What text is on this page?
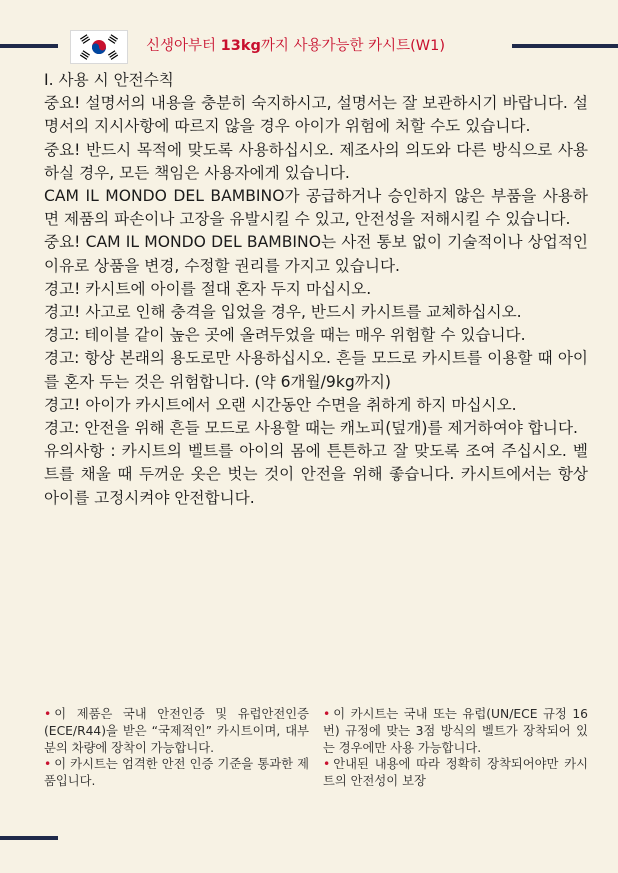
신생아부터 13kg까지 사용가능한 카시트(W1)

Ⅰ. 사용 시 안전수칙

중요! 설명서의 내용을 충분히 숙지하시고, 설명서는 잘 보관하시기 바랍니다. 설명서의 지시사항에 따르지 않을 경우 아이가 위험에 처할 수도 있습니다.

중요! 반드시 목적에 맞도록 사용하십시오. 제조사의 의도와 다른 방식으로 사용하실 경우, 모든 책임은 사용자에게 있습니다.

CAM IL MONDO DEL BAMBINO가 공급하거나 승인하지 않은 부품을 사용하면 제품의 파손이나 고장을 유발시킬 수 있고, 안전성을 저해시킬 수 있습니다.

중요! CAM IL MONDO DEL BAMBINO는 사전 통보 없이 기술적이나 상업적인 이유로 상품을 변경, 수정할 권리를 가지고 있습니다.

경고! 카시트에 아이를 절대 혼자 두지 마십시오.

경고! 사고로 인해 충격을 입었을 경우, 반드시 카시트를 교체하십시오.

경고: 테이블 같이 높은 곳에 올려두었을 때는 매우 위험할 수 있습니다.

경고: 항상 본래의 용도로만 사용하십시오. 흔들 모드로 카시트를 이용할 때 아이를 혼자 두는 것은 위험합니다. (약 6개월/9kg까지)

경고! 아이가 카시트에서 오랜 시간동안 수면을 취하게 하지 마십시오.

경고: 안전을 위해 흔들 모드로 사용할 때는 캐노피(덮개)를 제거하여야 합니다.

유의사항 : 카시트의 벨트를 아이의 몸에 튼튼하고 잘 맞도록 조여 주십시오. 벨트를 채울 때 두꺼운 옷은 벗는 것이 안전을 위해 좋습니다. 카시트에서는 항상 아이를 고정시켜야 안전합니다.

• 이 제품은 국내 안전인증 및 유럽안전인증(ECE/R44)을 받은 “국제적인” 카시트이며, 대부분의 차량에 장착이 가능합니다.

• 이 카시트는 엄격한 안전 인증 기준을 통과한 제품입니다.

• 이 카시트는 국내 또는 유럽(UN/ECE 규정 16번) 규정에 맞는 3점 방식의 벨트가 장착되어 있는 경우에만 사용 가능합니다.

• 안내된 내용에 따라 정확히 장착되어야만 카시트의 안전성이 보장
